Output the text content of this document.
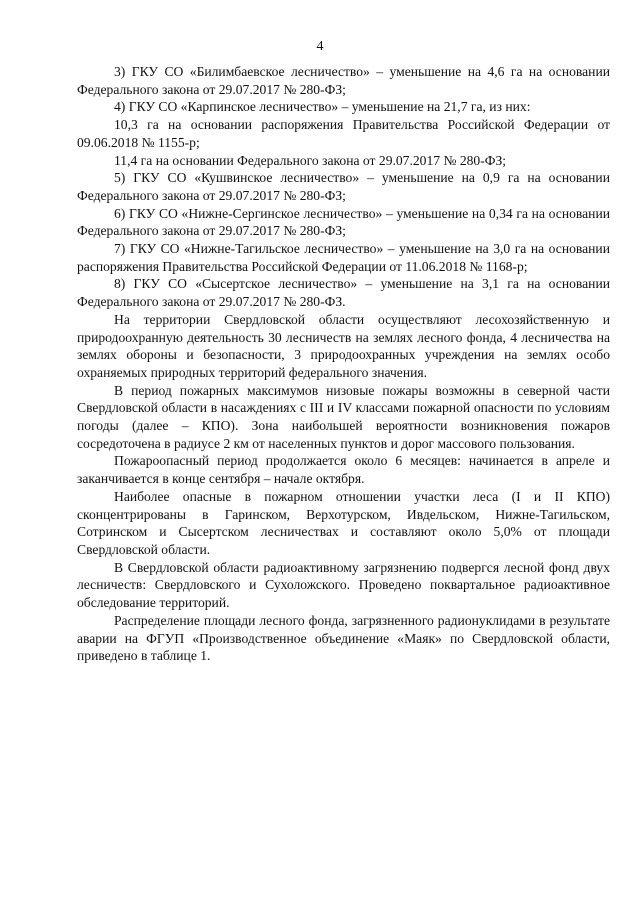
4

3) ГКУ СО «Билимбаевское лесничество» – уменьшение на 4,6 га на основании Федерального закона от 29.07.2017 № 280-ФЗ;

4) ГКУ СО «Карпинское лесничество» – уменьшение на 21,7 га, из них:

10,3 га на основании распоряжения Правительства Российской Федерации от 09.06.2018 № 1155-р;

11,4 га на основании Федерального закона от 29.07.2017 № 280-ФЗ;

5) ГКУ СО «Кушвинское лесничество» – уменьшение на 0,9 га на основании Федерального закона от 29.07.2017 № 280-ФЗ;

6) ГКУ СО «Нижне-Сергинское лесничество» – уменьшение на 0,34 га на основании Федерального закона от 29.07.2017 № 280-ФЗ;

7) ГКУ СО «Нижне-Тагильское лесничество» – уменьшение на 3,0 га на основании распоряжения Правительства Российской Федерации от 11.06.2018 № 1168-р;

8) ГКУ СО «Сысертское лесничество» – уменьшение на 3,1 га на основании Федерального закона от 29.07.2017 № 280-ФЗ.

На территории Свердловской области осуществляют лесохозяйственную и природоохранную деятельность 30 лесничеств на землях лесного фонда, 4 лесничества на землях обороны и безопасности, 3 природоохранных учреждения на землях особо охраняемых природных территорий федерального значения.

В период пожарных максимумов низовые пожары возможны в северной части Свердловской области в насаждениях с III и IV классами пожарной опасности по условиям погоды (далее – КПО). Зона наибольшей вероятности возникновения пожаров сосредоточена в радиусе 2 км от населенных пунктов и дорог массового пользования.

Пожароопасный период продолжается около 6 месяцев: начинается в апреле и заканчивается в конце сентября – начале октября.

Наиболее опасные в пожарном отношении участки леса (I и II КПО) сконцентрированы в Гаринском, Верхотурском, Ивдельском, Нижне-Тагильском, Сотринском и Сысертском лесничествах и составляют около 5,0% от площади Свердловской области.

В Свердловской области радиоактивному загрязнению подвергся лесной фонд двух лесничеств: Свердловского и Сухоложского. Проведено поквартальное радиоактивное обследование территорий.

Распределение площади лесного фонда, загрязненного радионуклидами в результате аварии на ФГУП «Производственное объединение «Маяк» по Свердловской области, приведено в таблице 1.
